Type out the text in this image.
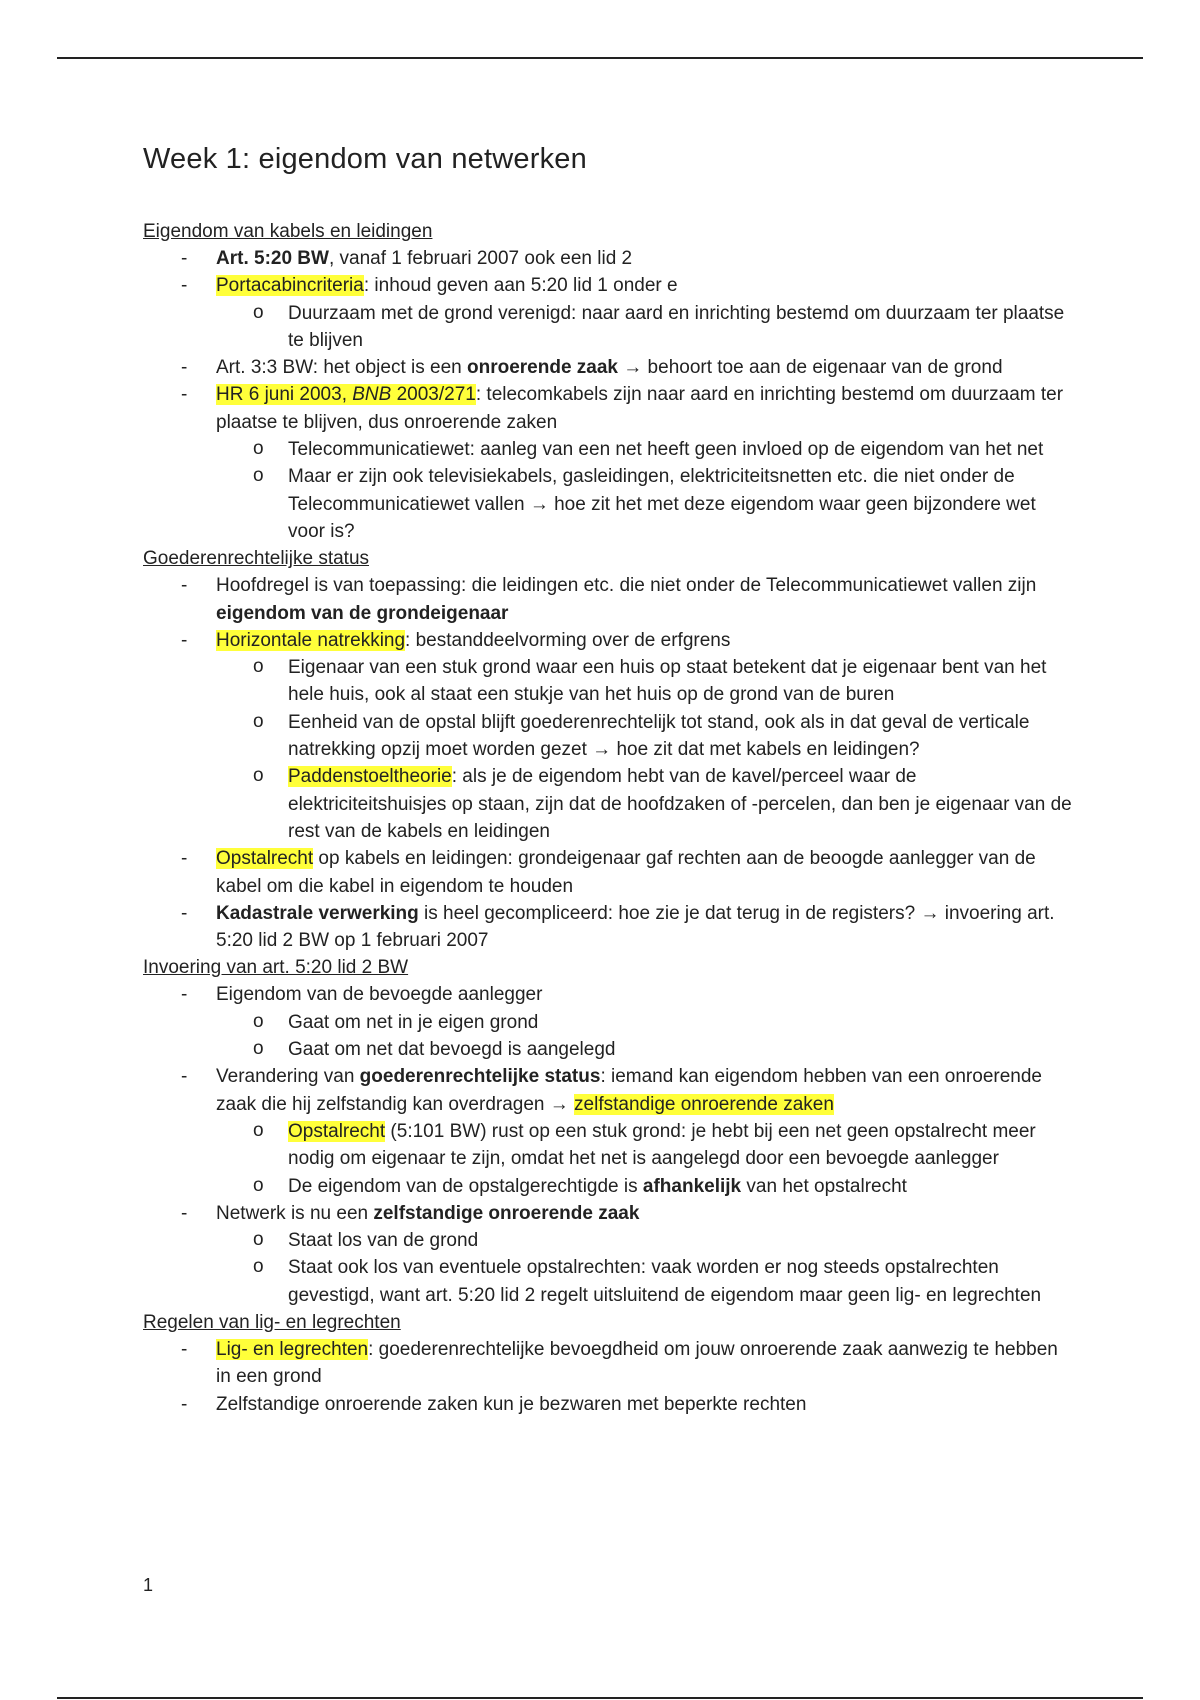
Week 1: eigendom van netwerken
Eigendom van kabels en leidingen
- Art. 5:20 BW, vanaf 1 februari 2007 ook een lid 2
- Portacabincriteria: inhoud geven aan 5:20 lid 1 onder e
o Duurzaam met de grond verenigd: naar aard en inrichting bestemd om duurzaam ter plaatse te blijven
- Art. 3:3 BW: het object is een onroerende zaak → behoort toe aan de eigenaar van de grond
- HR 6 juni 2003, BNB 2003/271: telecomkabels zijn naar aard en inrichting bestemd om duurzaam ter plaatse te blijven, dus onroerende zaken
o Telecommunicatiewet: aanleg van een net heeft geen invloed op de eigendom van het net
o Maar er zijn ook televisiekabels, gasleidingen, elektriciteitsnetten etc. die niet onder de Telecommunicatiewet vallen → hoe zit het met deze eigendom waar geen bijzondere wet voor is?
Goederenrechtelijke status
- Hoofdregel is van toepassing: die leidingen etc. die niet onder de Telecommunicatiewet vallen zijn eigendom van de grondeigenaar
- Horizontale natrekking: bestanddeelvorming over de erfgrens
o Eigenaar van een stuk grond waar een huis op staat betekent dat je eigenaar bent van het hele huis, ook al staat een stukje van het huis op de grond van de buren
o Eenheid van de opstal blijft goederenrechtelijk tot stand, ook als in dat geval de verticale natrekking opzij moet worden gezet → hoe zit dat met kabels en leidingen?
o Paddenstoeltheorie: als je de eigendom hebt van de kavel/perceel waar de elektriciteitshuisjes op staan, zijn dat de hoofdzaken of -percelen, dan ben je eigenaar van de rest van de kabels en leidingen
- Opstalrecht op kabels en leidingen: grondeigenaar gaf rechten aan de beoogde aanlegger van de kabel om die kabel in eigendom te houden
- Kadastrale verwerking is heel gecompliceerd: hoe zie je dat terug in de registers? → invoering art. 5:20 lid 2 BW op 1 februari 2007
Invoering van art. 5:20 lid 2 BW
- Eigendom van de bevoegde aanlegger
o Gaat om net in je eigen grond
o Gaat om net dat bevoegd is aangelegd
- Verandering van goederenrechtelijke status: iemand kan eigendom hebben van een onroerende zaak die hij zelfstandig kan overdragen → zelfstandige onroerende zaken
o Opstalrecht (5:101 BW) rust op een stuk grond: je hebt bij een net geen opstalrecht meer nodig om eigenaar te zijn, omdat het net is aangelegd door een bevoegde aanlegger
o De eigendom van de opstalgerechtigde is afhankelijk van het opstalrecht
- Netwerk is nu een zelfstandige onroerende zaak
o Staat los van de grond
o Staat ook los van eventuele opstalrechten: vaak worden er nog steeds opstalrechten gevestigd, want art. 5:20 lid 2 regelt uitsluitend de eigendom maar geen lig- en legrechten
Regelen van lig- en legrechten
- Lig- en legrechten: goederenrechtelijke bevoegdheid om jouw onroerende zaak aanwezig te hebben in een grond
- Zelfstandige onroerende zaken kun je bezwaren met beperkte rechten
1
